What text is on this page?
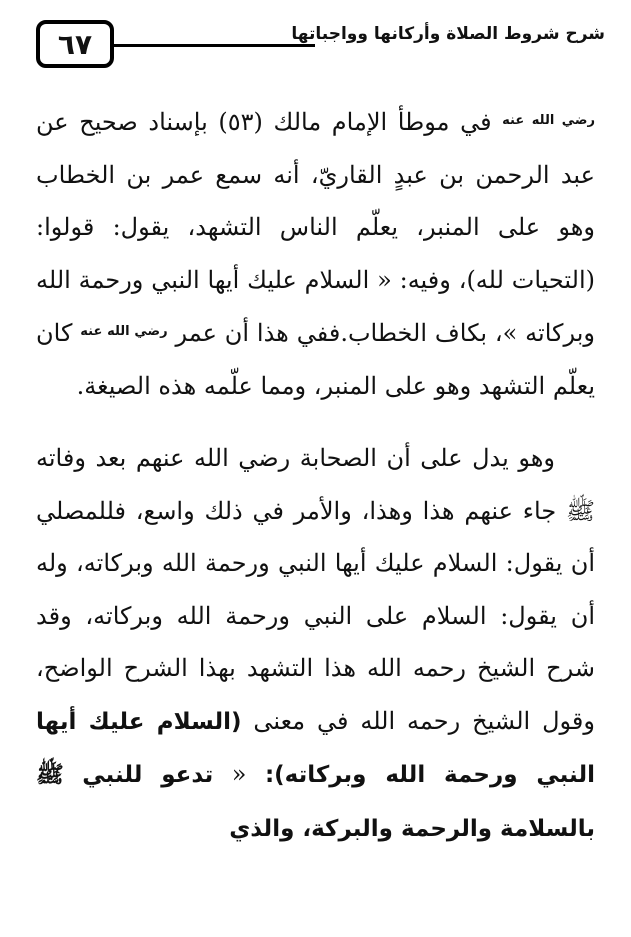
شرح شروط الصلاة وأركانها وواجباتها
٦٧

$^{رضي الله عنه}$ في موطأ الإمام مالك (٥٣) بإسناد صحيح عن عبد الرحمن بن عبدٍ القاريّ، أنه سمع عمر بن الخطاب وهو على المنبر، يعلّم الناس التشهد، يقول: قولوا: (التحيات لله)، وفيه: « السلام عليك أيها النبي ورحمة الله وبركاته »، بكاف الخطاب.ففي هذا أن عمر $^{رضي الله عنه}$ كان يعلّم التشهد وهو على المنبر، ومما علّمه هذه الصيغة.

وهو يدل على أن الصحابة رضي الله عنهم بعد وفاته ﷺ جاء عنهم هذا وهذا، والأمر في ذلك واسع، فللمصلي أن يقول: السلام عليك أيها النبي ورحمة الله وبركاته، وله أن يقول: السلام على النبي ورحمة الله وبركاته، وقد شرح الشيخ رحمه الله هذا التشهد بهذا الشرح الواضح، وقول الشيخ رحمه الله في معنى (السلام عليك أيها النبي ورحمة الله وبركاته): « تدعو للنبي ﷺ بالسلامة والرحمة والبركة، والذي
